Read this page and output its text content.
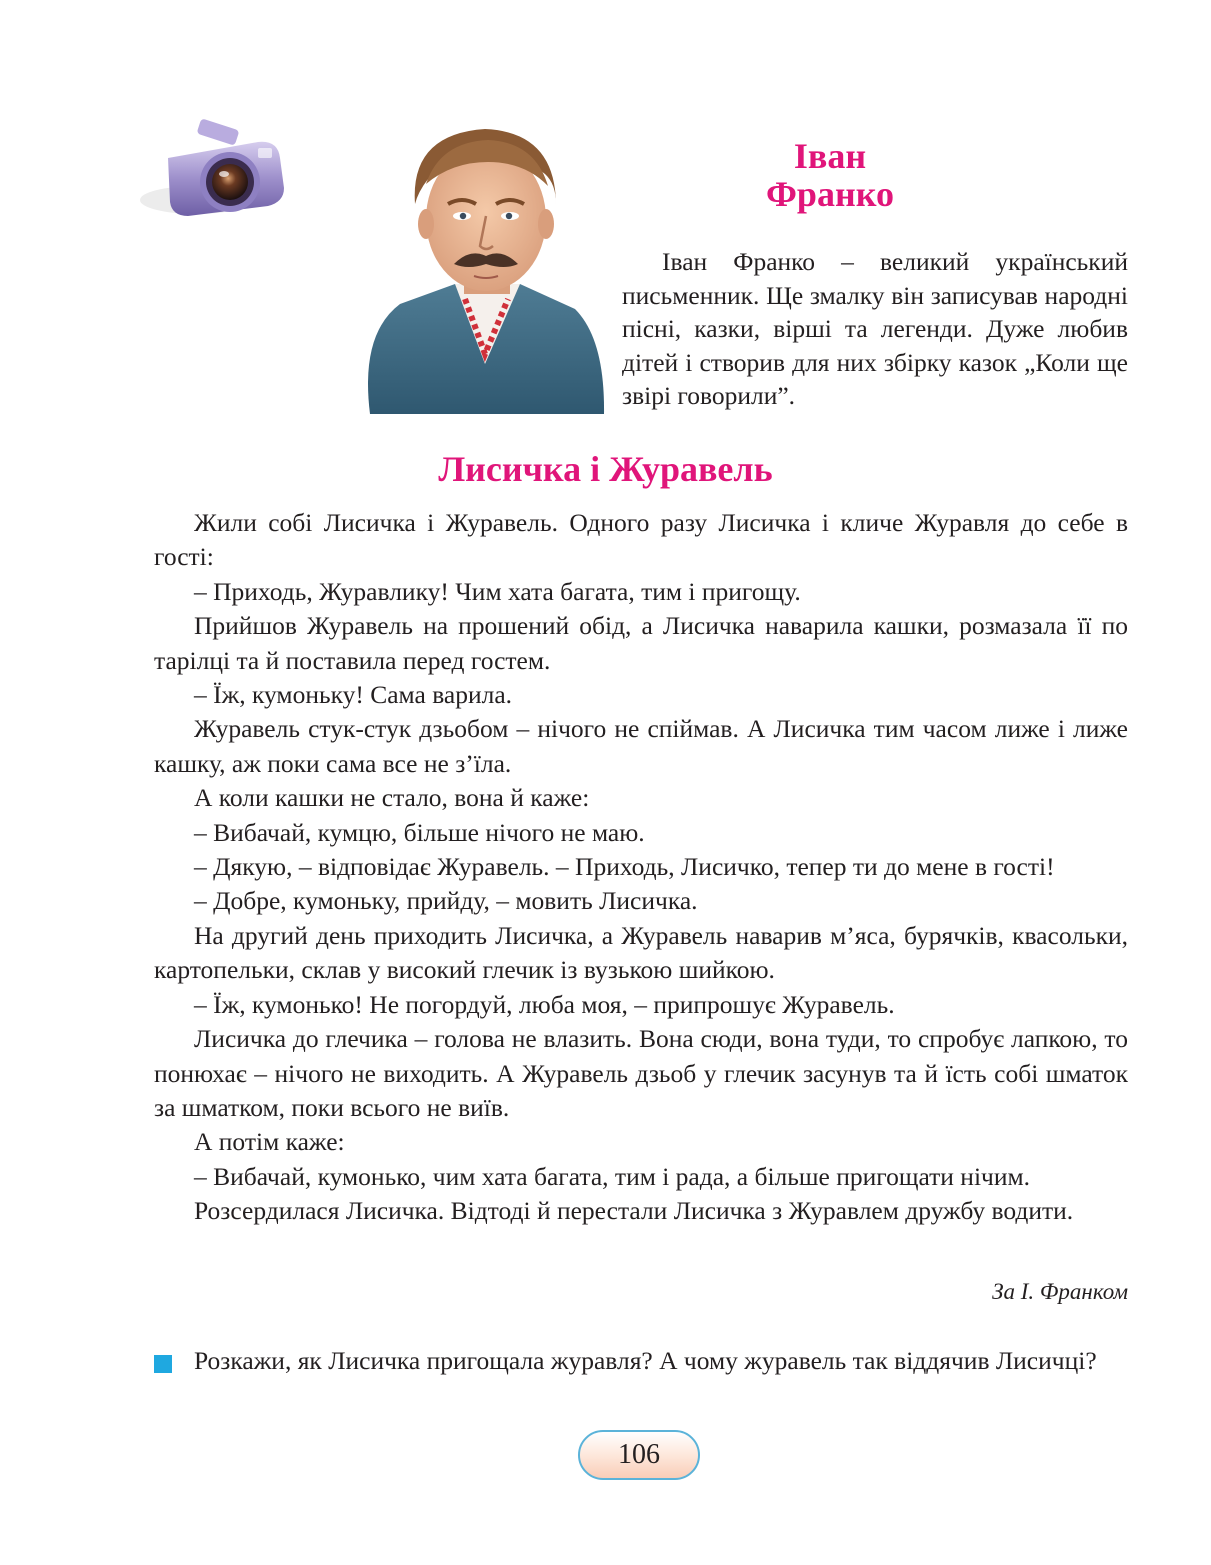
Іван
Франко

Іван Франко – великий український письменник. Ще змалку він записував народні пісні, казки, вірші та легенди. Дуже любив дітей і створив для них збірку казок „Коли ще звірі говорили”.

Лисичка і Журавель

Жили собі Лисичка і Журавель. Одного разу Лисичка і кличе Журавля до себе в гості:

– Приходь, Журавлику! Чим хата багата, тим і пригощу.

Прийшов Журавель на прошений обід, а Лисичка наварила кашки, розмазала її по тарілці та й поставила перед гостем.

– Їж, кумоньку! Сама варила.

Журавель стук-стук дзьобом – нічого не спіймав. А Лисичка тим часом лиже і лиже кашку, аж поки сама все не з’їла.

А коли кашки не стало, вона й каже:

– Вибачай, кумцю, більше нічого не маю.

– Дякую, – відповідає Журавель. – Приходь, Лисичко, тепер ти до мене в гості!

– Добре, кумоньку, прийду, – мовить Лисичка.

На другий день приходить Лисичка, а Журавель наварив м’яса, бурячків, квасольки, картопельки, склав у високий глечик із вузькою шийкою.

– Їж, кумонько! Не погордуй, люба моя, – припрошує Журавель.

Лисичка до глечика – голова не влазить. Вона сюди, вона туди, то спробує лапкою, то понюхає – нічого не виходить. А Журавель дзьоб у глечик засунув та й їсть собі шматок за шматком, поки всього не виїв.

А потім каже:

– Вибачай, кумонько, чим хата багата, тим і рада, а більше пригощати нічим.

Розсердилася Лисичка. Відтоді й перестали Лисичка з Журавлем дружбу водити.

За І. Франком

Розкажи, як Лисичка пригощала журавля? А чому журавель так віддячив Лисичці?

106
